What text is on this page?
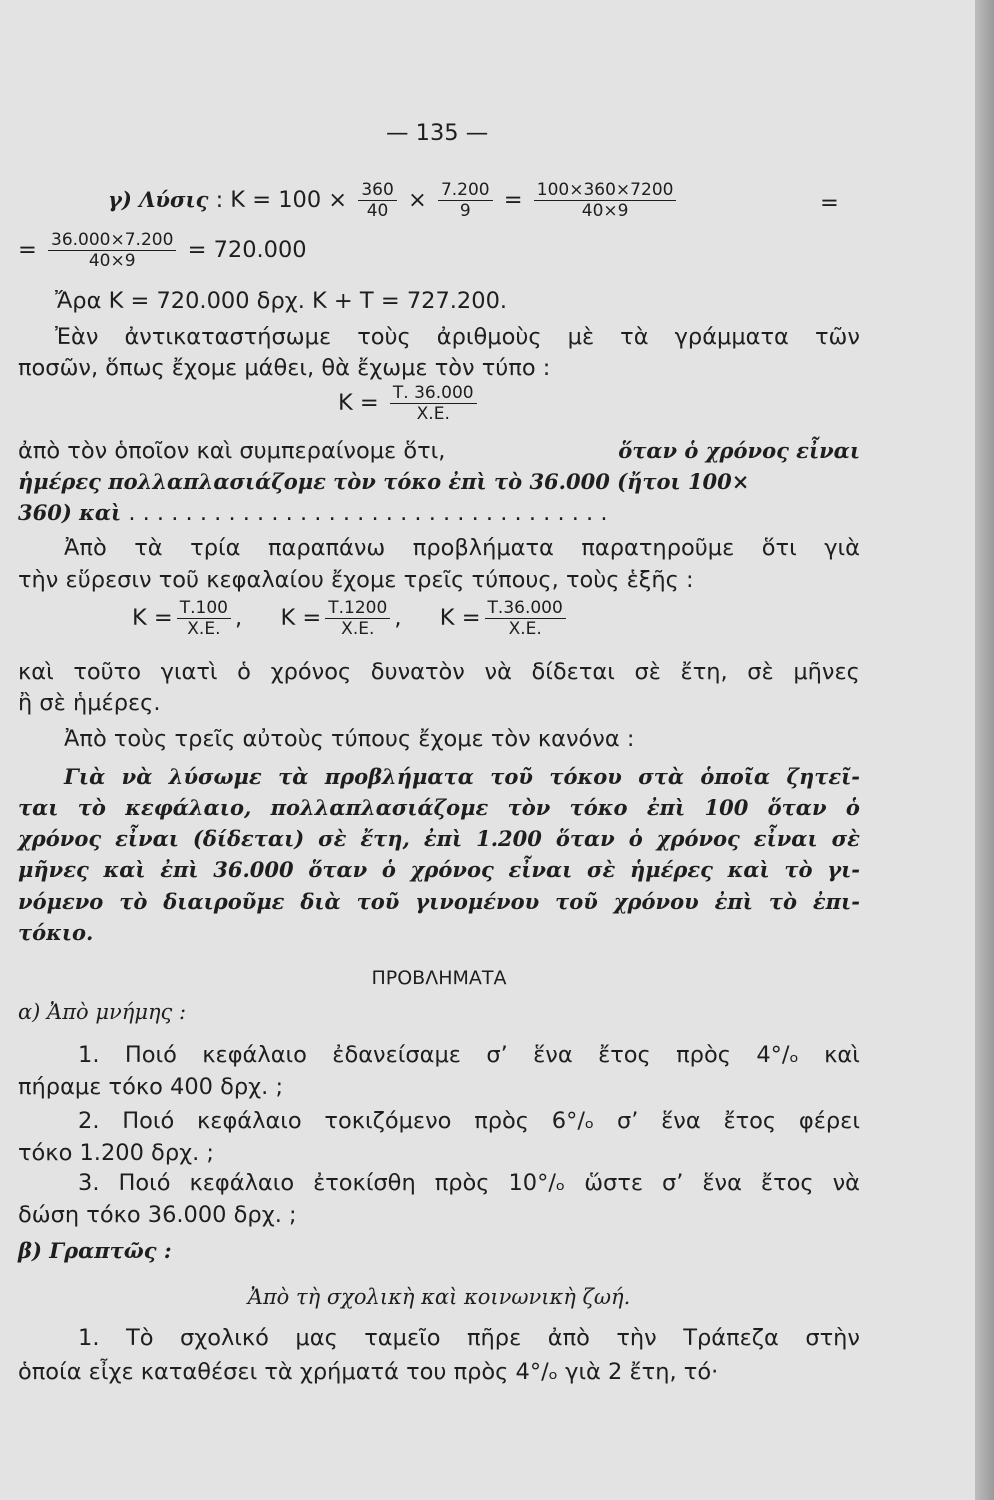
— 135 —
γ) Λύσις : $K = 100 \times \frac{360}{40} \times \frac{7.200}{9} = \frac{100\times 360\times 7200}{40\times 9}$	=
= $\frac{36.000\times 7.200}{40\times 9} = 720.000$
Ἄρα Κ = 720.000 δρχ. Κ + Τ = 727.200.
Ἐὰν ἀντικαταστήσωμε τοὺς ἀριθμοὺς μὲ τὰ γράμματα τῶν
ποσῶν, ὅπως ἔχομε μάθει, θὰ ἔχωμε τὸν τύπο :
$K = \frac{T. 36.000}{X.E.}$
ἀπὸ τὸν ὁποῖον καὶ συμπεραίνομε ὅτι,	ὅταν ὁ χρόνος εἶναι
ἡμέρες πολλαπλασιάζομε τὸν τόκο ἐπὶ τὸ 36.000 (ἤτοι 100×
360) καὶ . . . . . . . . . . . . . . . . . . . . . . . . . . . . . . . . . .
Ἀπὸ τὰ τρία παραπάνω προβλήματα παρατηροῦμε ὅτι γιὰ
τὴν εὕρεσιν τοῦ κεφαλαίου ἔχομε τρεῖς τύπους, τοὺς ἑξῆς :
$K = \frac{T.100}{X.E.}$ , $K = \frac{T.1200}{X.E.}$ , $K = \frac{T.36.000}{X.E.}$
καὶ τοῦτο γιατὶ ὁ χρόνος δυνατὸν νὰ δίδεται σὲ ἔτη, σὲ μῆνες
ἢ σὲ ἡμέρες.
Ἀπὸ τοὺς τρεῖς αὐτοὺς τύπους ἔχομε τὸν κανόνα :
Γιὰ νὰ λύσωμε τὰ προβλήματα τοῦ τόκου στὰ ὁποῖα ζητεῖ-
ται τὸ κεφάλαιο, πολλαπλασιάζομε τὸν τόκο ἐπὶ 100 ὅταν ὁ
χρόνος εἶναι (δίδεται) σὲ ἔτη, ἐπὶ 1.200 ὅταν ὁ χρόνος εἶναι σὲ
μῆνες καὶ ἐπὶ 36.000 ὅταν ὁ χρόνος εἶναι σὲ ἡμέρες καὶ τὸ γι-
νόμενο τὸ διαιροῦμε διὰ τοῦ γινομένου τοῦ χρόνου ἐπὶ τὸ ἐπι-
τόκιο.
ΠΡΟΒΛΗΜΑΤΑ
α) Ἀπὸ μνήμης :
1. Ποιό κεφάλαιο ἐδανείσαμε σ’ ἕνα ἔτος πρὸς 4°/ₒ καὶ
πήραμε τόκο 400 δρχ. ;
2. Ποιό κεφάλαιο τοκιζόμενο πρὸς 6°/ₒ σ’ ἕνα ἔτος φέρει
τόκο 1.200 δρχ. ;
3. Ποιό κεφάλαιο ἐτοκίσθη πρὸς 10°/ₒ ὥστε σ’ ἕνα ἔτος νὰ
δώση τόκο 36.000 δρχ. ;
β) Γραπτῶς :
Ἀπὸ τὴ σχολικὴ καὶ κοινωνικὴ ζωή.
1. Τὸ σχολικό μας ταμεῖο πῆρε ἀπὸ τὴν Τράπεζα στὴν
ὁποία εἶχε καταθέσει τὰ χρήματά του πρὸς 4°/ₒ γιὰ 2 ἔτη, τό·
